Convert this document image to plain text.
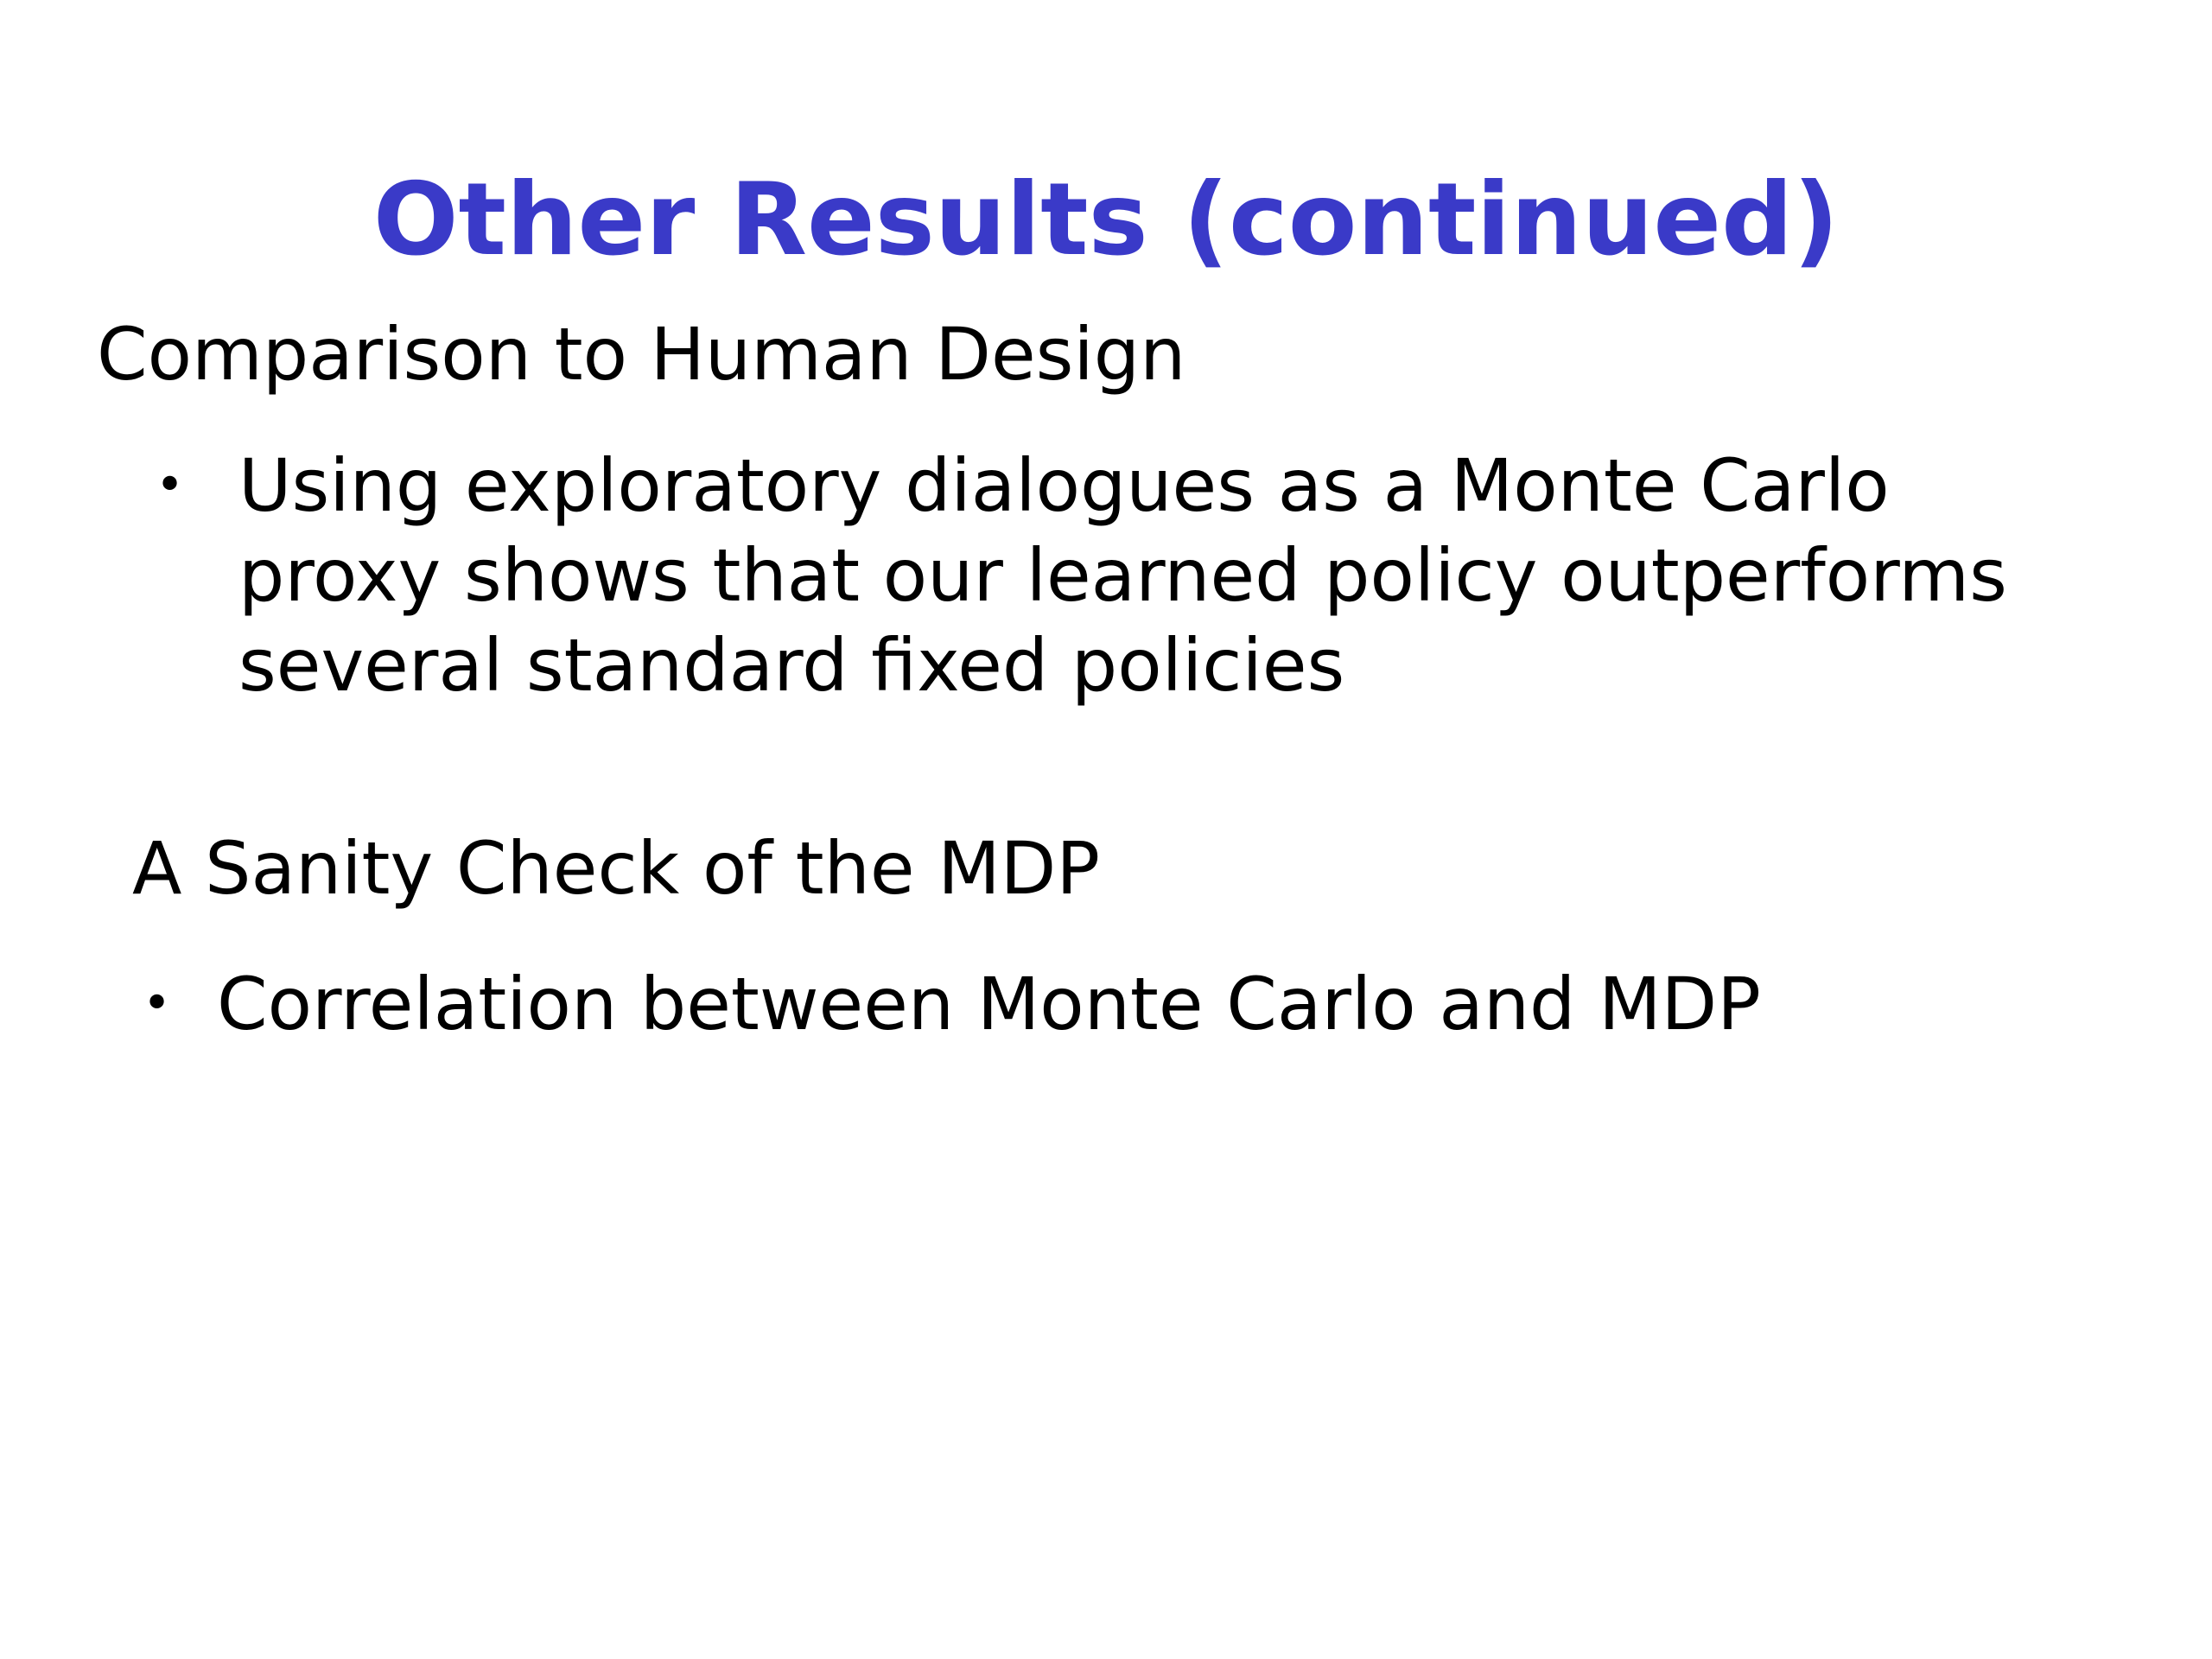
Other Results (continued)
Comparison to Human Design
• Using exploratory dialogues as a Monte Carlo proxy shows that our learned policy outperforms several standard fixed policies
A Sanity Check of the MDP
• Correlation between Monte Carlo and MDP
